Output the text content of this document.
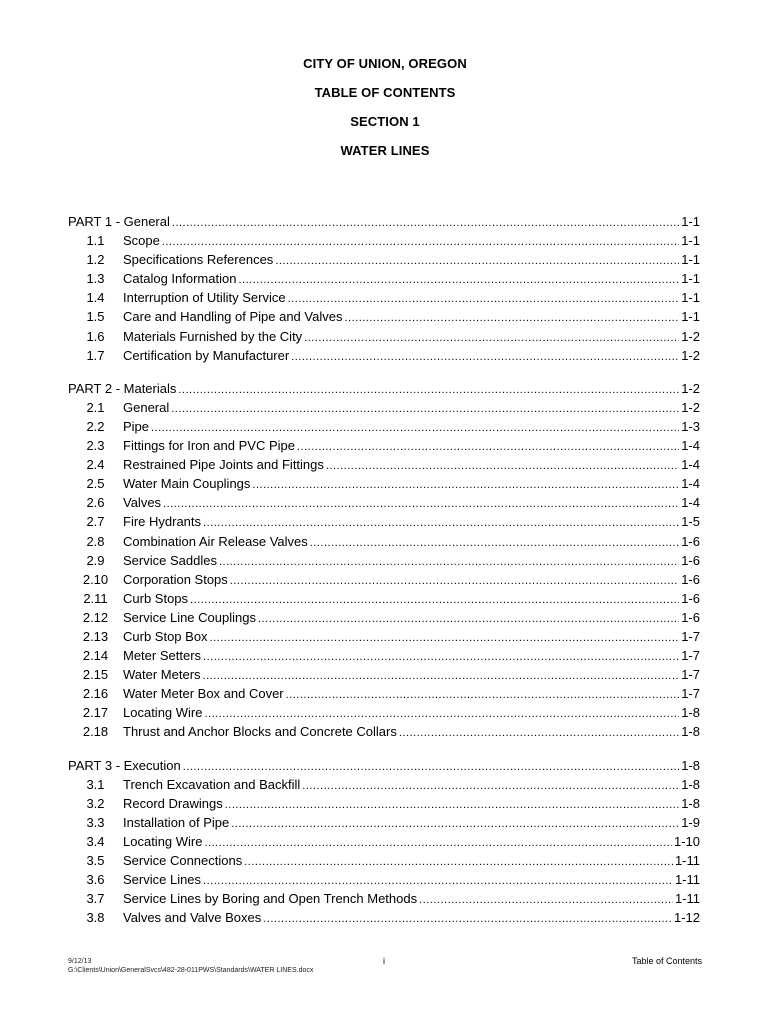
CITY OF UNION, OREGON
TABLE OF CONTENTS
SECTION 1
WATER LINES
PART 1 - General .....	1-1
1.1	Scope .....	1-1
1.2	Specifications References .....	1-1
1.3	Catalog Information .....	1-1
1.4	Interruption of Utility Service .....	1-1
1.5	Care and Handling of Pipe and Valves .....	1-1
1.6	Materials Furnished by the City .....	1-2
1.7	Certification by Manufacturer .....	1-2
PART 2 - Materials .....	1-2
2.1	General .....	1-2
2.2	Pipe .....	1-3
2.3	Fittings for Iron and PVC Pipe .....	1-4
2.4	Restrained Pipe Joints and Fittings .....	1-4
2.5	Water Main Couplings .....	1-4
2.6	Valves .....	1-4
2.7	Fire Hydrants .....	1-5
2.8	Combination Air Release Valves .....	1-6
2.9	Service Saddles .....	1-6
2.10	Corporation Stops .....	1-6
2.11	Curb Stops .....	1-6
2.12	Service Line Couplings .....	1-6
2.13	Curb Stop Box .....	1-7
2.14	Meter Setters .....	1-7
2.15	Water Meters .....	1-7
2.16	Water Meter Box and Cover .....	1-7
2.17	Locating Wire .....	1-8
2.18	Thrust and Anchor Blocks and Concrete Collars .....	1-8
PART 3 - Execution .....	1-8
3.1	Trench Excavation and Backfill .....	1-8
3.2	Record Drawings .....	1-8
3.3	Installation of Pipe .....	1-9
3.4	Locating Wire .....	1-10
3.5	Service Connections .....	1-11
3.6	Service Lines .....	1-11
3.7	Service Lines by Boring and Open Trench Methods .....	1-11
3.8	Valves and Valve Boxes .....	1-12
9/12/13
G:\Clients\Union\GeneralSvcs\482-28-011PWS\Standards\WATER LINES.docx
i	Table of Contents
